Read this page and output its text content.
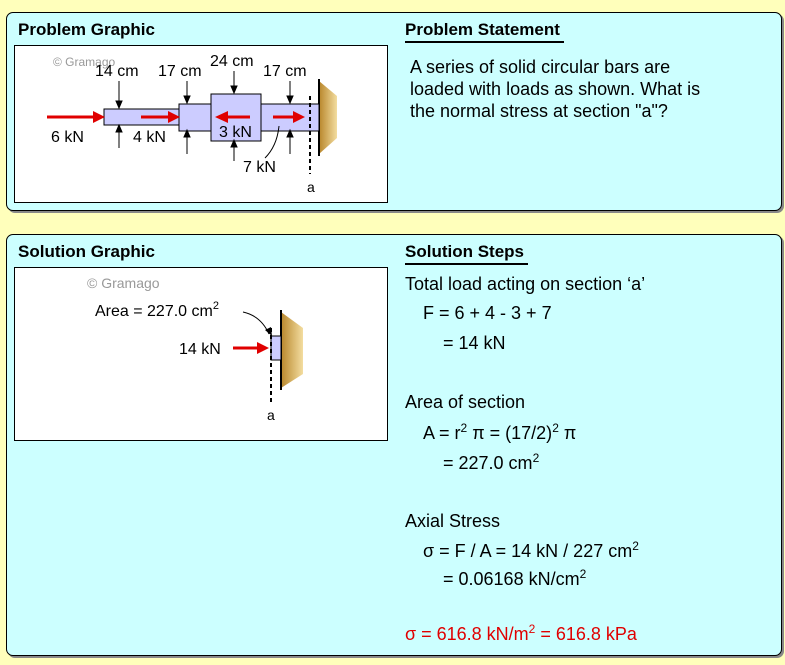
Problem Graphic	Problem Statement
© Gramago
a
14 cm 17 cm
24 cm
17 cm
6 kN	4 kN	3 kN
7 kN
A series of solid circular bars are
loaded with loads as shown. What is
the normal stress at section "a"?
Solution Graphic	Solution Steps
© Gramago
a
Area = 227.0 $cm^2$
14 kN
Total load acting on section ‘a’
F = 6 + 4 - 3 + 7
= 14 kN
Area of section
$A = r^2$ $\pi = (17/2)^2$ π
= 227.0 $cm^2$
Axial Stress
σ = F / A = 14 kN / 227 $cm^2$
= 0.06168 $kN/cm^2$
σ = 616.8 $kN/m^2 = 616.8$ kPa
